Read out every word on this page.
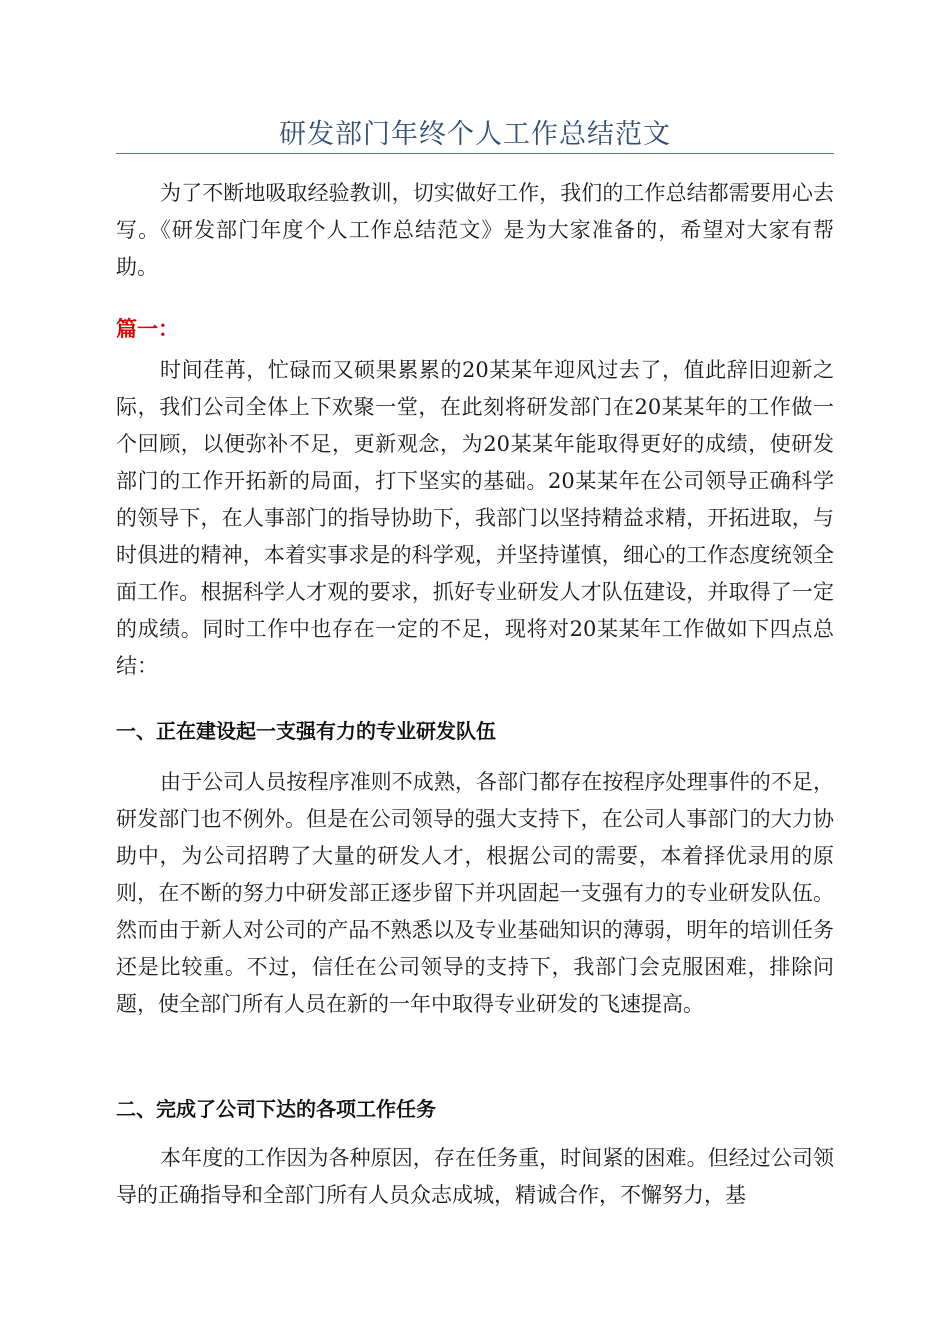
研发部门年终个人工作总结范文

为了不断地吸取经验教训，切实做好工作，我们的工作总结都需要用心去写。《研发部门年度个人工作总结范文》是为大家准备的，希望对大家有帮助。

篇一：

时间荏苒，忙碌而又硕果累累的20某某年迎风过去了，值此辞旧迎新之际，我们公司全体上下欢聚一堂，在此刻将研发部门在20某某年的工作做一个回顾，以便弥补不足，更新观念，为20某某年能取得更好的成绩，使研发部门的工作开拓新的局面，打下坚实的基础。20某某年在公司领导正确科学的领导下，在人事部门的指导协助下，我部门以坚持精益求精，开拓进取，与时俱进的精神，本着实事求是的科学观，并坚持谨慎，细心的工作态度统领全面工作。根据科学人才观的要求，抓好专业研发人才队伍建设，并取得了一定的成绩。同时工作中也存在一定的不足，现将对20某某年工作做如下四点总结：

一、正在建设起一支强有力的专业研发队伍

由于公司人员按程序准则不成熟，各部门都存在按程序处理事件的不足，研发部门也不例外。但是在公司领导的强大支持下，在公司人事部门的大力协助中，为公司招聘了大量的研发人才，根据公司的需要，本着择优录用的原则，在不断的努力中研发部正逐步留下并巩固起一支强有力的专业研发队伍。然而由于新人对公司的产品不熟悉以及专业基础知识的薄弱，明年的培训任务还是比较重。不过，信任在公司领导的支持下，我部门会克服困难，排除问题，使全部门所有人员在新的一年中取得专业研发的飞速提高。

二、完成了公司下达的各项工作任务

本年度的工作因为各种原因，存在任务重，时间紧的困难。但经过公司领导的正确指导和全部门所有人员众志成城，精诚合作，不懈努力，基
